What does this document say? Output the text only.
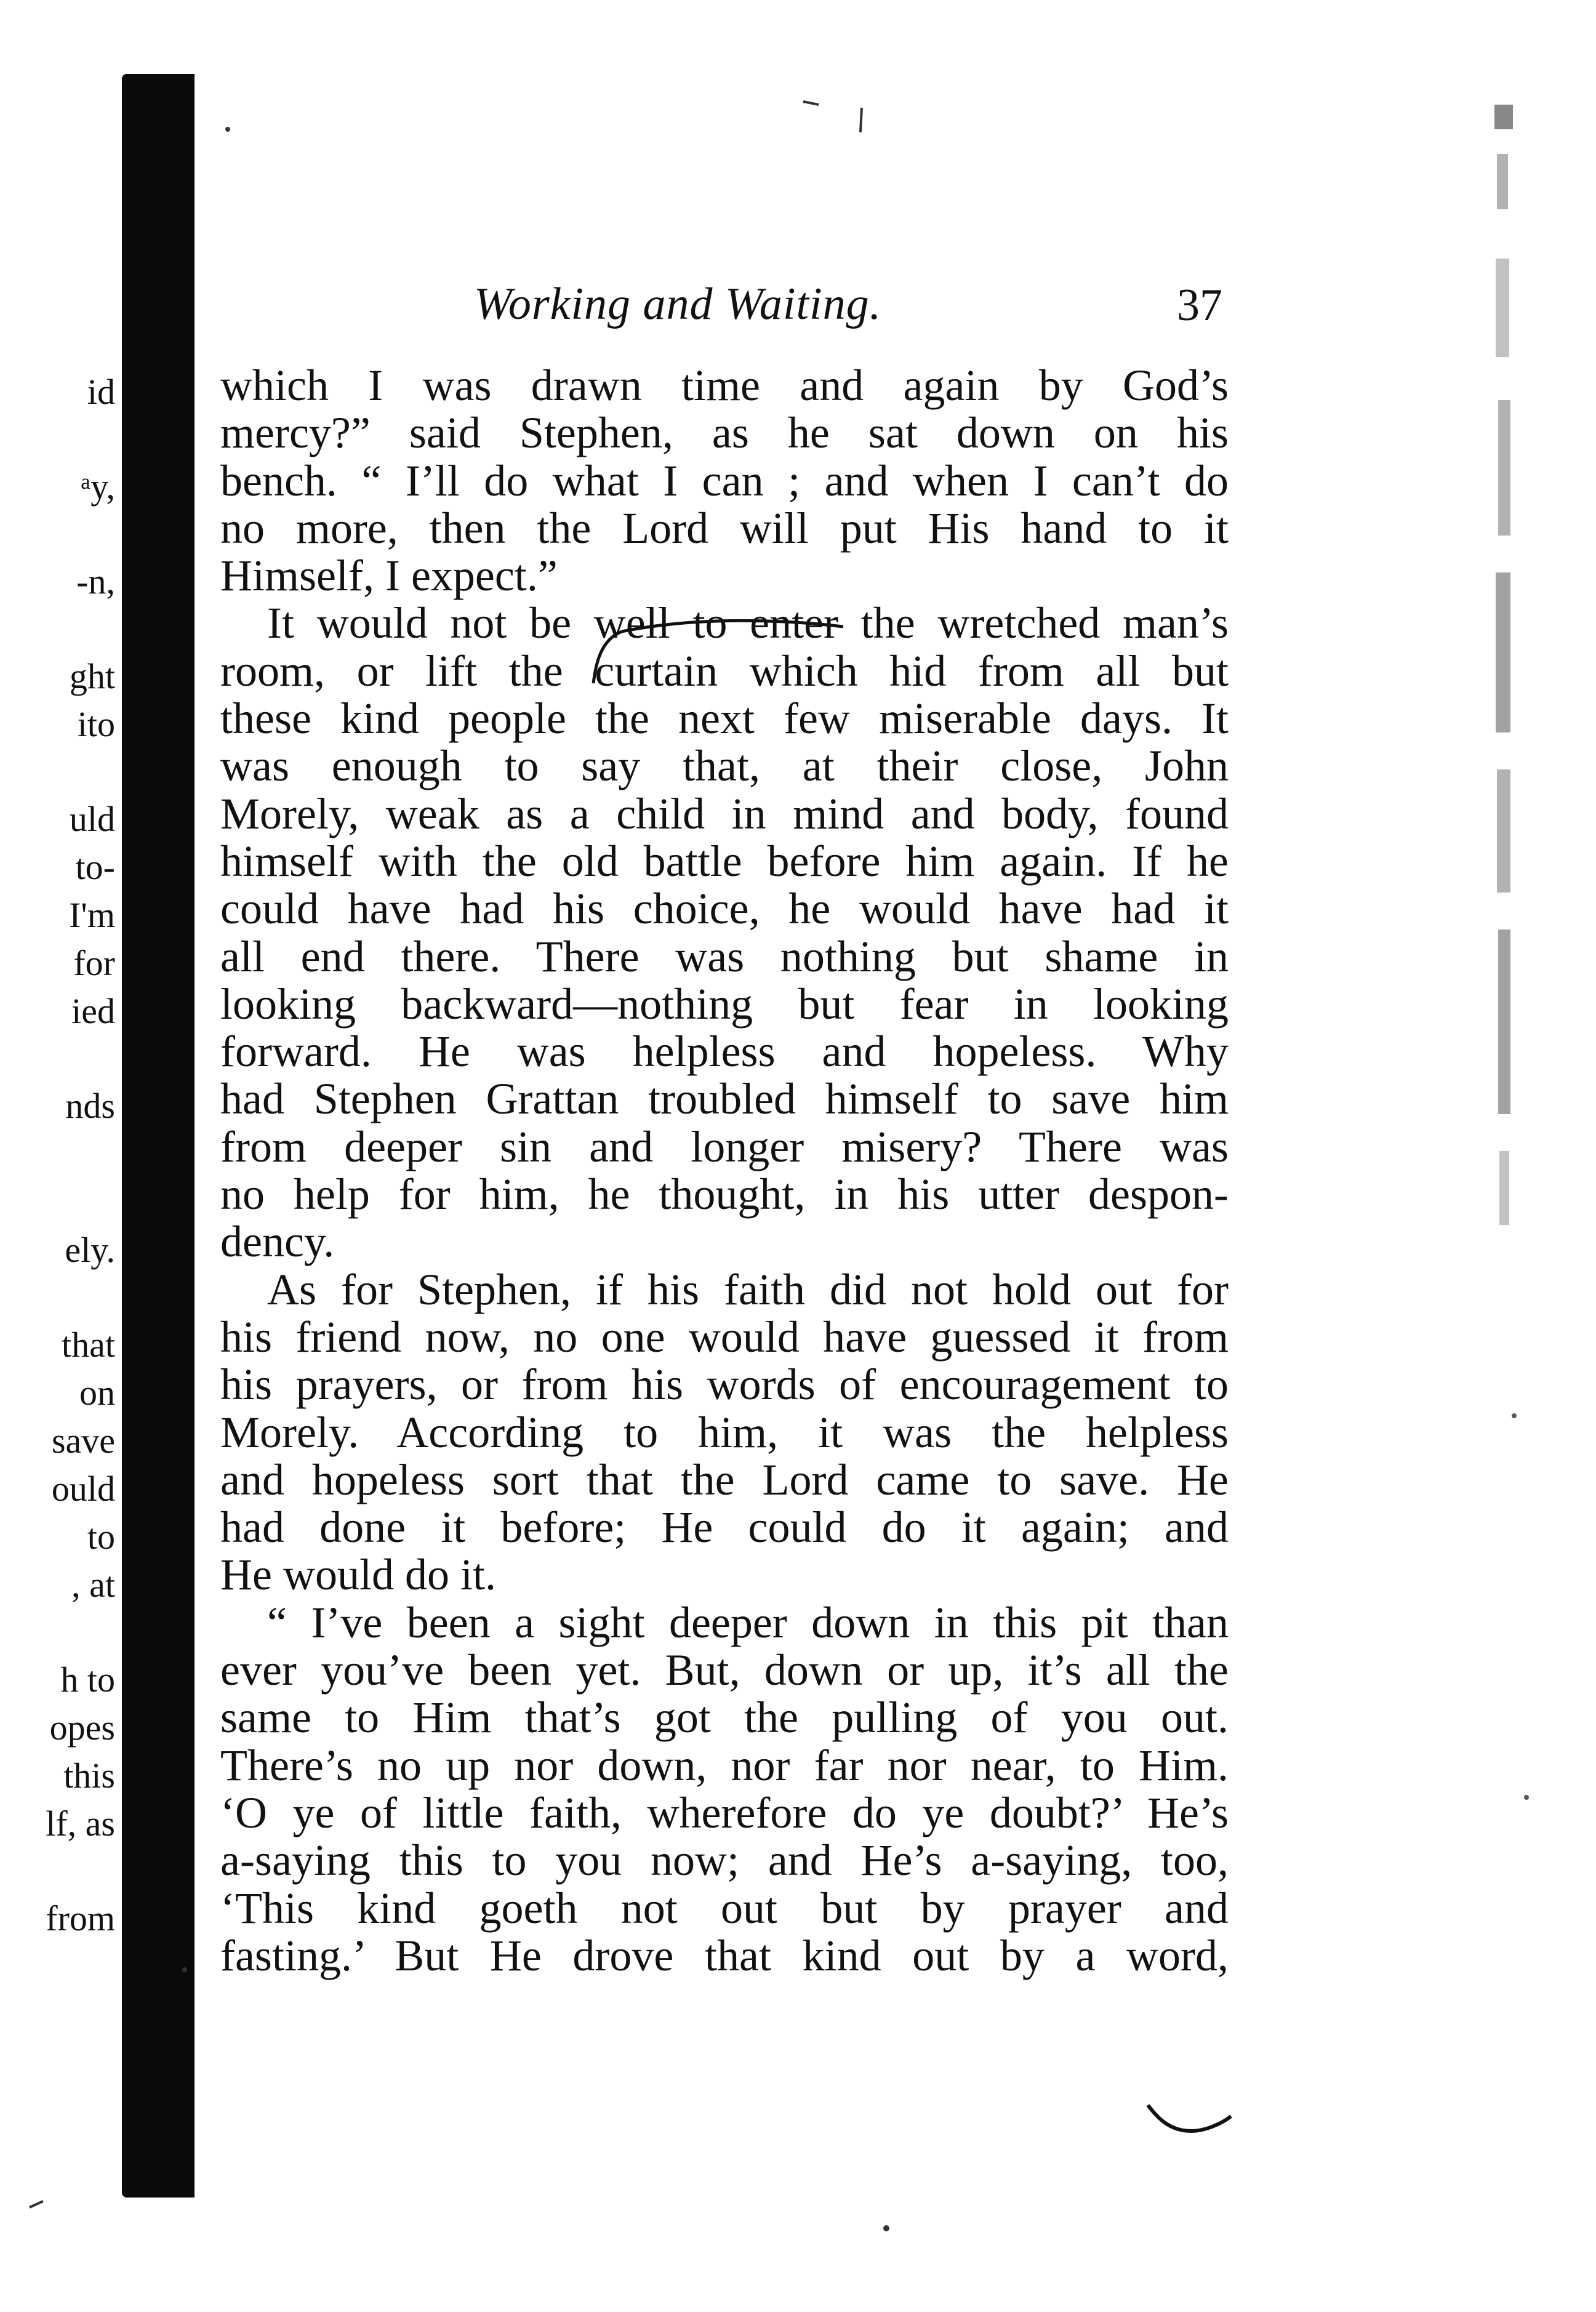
id
ᵃy,
-n,
ght
ito
uld
to-
I'm
for
ied
nds
ely.
that
on
save
ould
to
, at
h to
opes
this
lf, as
from
Working and Waiting.	37
which I was drawn time and again by God’s
mercy?” said Stephen, as he sat down on his
bench. “ I’ll do what I can ; and when I can’t do
no more, then the Lord will put His hand to it
Himself, I expect.”
It would not be well to enter the wretched man’s
room, or lift the curtain which hid from all but
these kind people the next few miserable days. It
was enough to say that, at their close, John
Morely, weak as a child in mind and body, found
himself with the old battle before him again. If he
could have had his choice, he would have had it
all end there. There was nothing but shame in
looking backward—nothing but fear in looking
forward. He was helpless and hopeless. Why
had Stephen Grattan troubled himself to save him
from deeper sin and longer misery? There was
no help for him, he thought, in his utter despon-
dency.
As for Stephen, if his faith did not hold out for
his friend now, no one would have guessed it from
his prayers, or from his words of encouragement to
Morely. According to him, it was the helpless
and hopeless sort that the Lord came to save. He
had done it before; He could do it again; and
He would do it.
“ I’ve been a sight deeper down in this pit than
ever you’ve been yet. But, down or up, it’s all the
same to Him that’s got the pulling of you out.
There’s no up nor down, nor far nor near, to Him.
‘O ye of little faith, wherefore do ye doubt?’ He’s
a-saying this to you now; and He’s a-saying, too,
‘This kind goeth not out but by prayer and
fasting.’ But He drove that kind out by a word,
